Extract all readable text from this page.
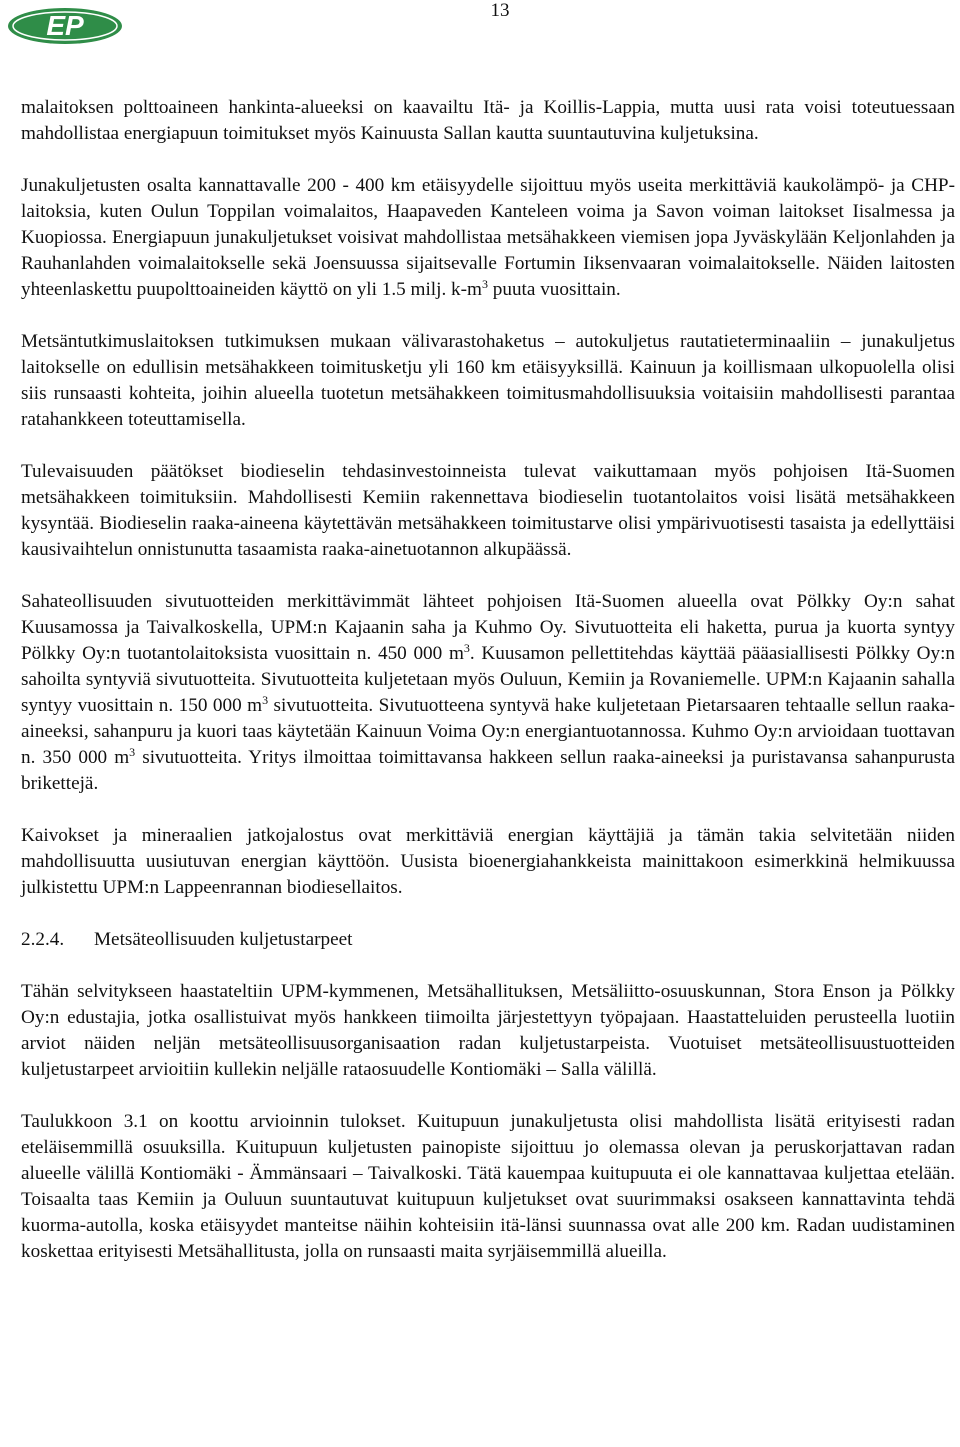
EP	13

malaitoksen polttoaineen hankinta-alueeksi on kaavailtu Itä- ja Koillis-Lappia, mutta uusi rata voisi toteutuessaan mahdollistaa energiapuun toimitukset myös Kainuusta Sallan kautta suuntautuvina kuljetuksina.

Junakuljetusten osalta kannattavalle 200 - 400 km etäisyydelle sijoittuu myös useita merkittäviä kaukolämpö- ja CHP-laitoksia, kuten Oulun Toppilan voimalaitos, Haapaveden Kanteleen voima ja Savon voiman laitokset Iisalmessa ja Kuopiossa. Energiapuun junakuljetukset voisivat mahdollistaa metsähakkeen viemisen jopa Jyväskylään Keljonlahden ja Rauhanlahden voimalaitokselle sekä Joensuussa sijaitsevalle Fortumin Iiksenvaaran voimalaitokselle. Näiden laitosten yhteenlaskettu puupolttoaineiden käyttö on yli 1.5 milj. $k-m^3$ puuta vuosittain.

Metsäntutkimuslaitoksen tutkimuksen mukaan välivarastohaketus – autokuljetus rautatieterminaaliin – junakuljetus laitokselle on edullisin metsähakkeen toimitusketju yli 160 km etäisyyksillä. Kainuun ja koillismaan ulkopuolella olisi siis runsaasti kohteita, joihin alueella tuotetun metsähakkeen toimitusmahdollisuuksia voitaisiin mahdollisesti parantaa ratahankkeen toteuttamisella.

Tulevaisuuden päätökset biodieselin tehdasinvestoinneista tulevat vaikuttamaan myös pohjoisen Itä-Suomen metsähakkeen toimituksiin. Mahdollisesti Kemiin rakennettava biodieselin tuotantolaitos voisi lisätä metsähakkeen kysyntää. Biodieselin raaka-aineena käytettävän metsähakkeen toimitustarve olisi ympärivuotisesti tasaista ja edellyttäisi kausivaihtelun onnistunutta tasaamista raaka-ainetuotannon alkupäässä.

Sahateollisuuden sivutuotteiden merkittävimmät lähteet pohjoisen Itä-Suomen alueella ovat Pölkky Oy:n sahat Kuusamossa ja Taivalkoskella, UPM:n Kajaanin saha ja Kuhmo Oy. Sivutuotteita eli haketta, purua ja kuorta syntyy Pölkky Oy:n tuotantolaitoksista vuosittain n. 450 000 $m^3$. Kuusamon pellettitehdas käyttää pääasiallisesti Pölkky Oy:n sahoilta syntyviä sivutuotteita. Sivutuotteita kuljetetaan myös Ouluun, Kemiin ja Rovaniemelle. UPM:n Kajaanin sahalla syntyy vuosittain n. 150 000 $m^3$ sivutuotteita. Sivutuotteena syntyvä hake kuljetetaan Pietarsaaren tehtaalle sellun raaka-aineeksi, sahanpuru ja kuori taas käytetään Kainuun Voima Oy:n energiantuotannossa. Kuhmo Oy:n arvioidaan tuottavan n. 350 000 $m^3$ sivutuotteita. Yritys ilmoittaa toimittavansa hakkeen sellun raaka-aineeksi ja puristavansa sahanpurusta brikettejä.

Kaivokset ja mineraalien jatkojalostus ovat merkittäviä energian käyttäjiä ja tämän takia selvitetään niiden mahdollisuutta uusiutuvan energian käyttöön. Uusista bioenergiahankkeista mainittakoon esimerkkinä helmikuussa julkistettu UPM:n Lappeenrannan biodiesellaitos.

2.2.4. Metsäteollisuuden kuljetustarpeet

Tähän selvitykseen haastateltiin UPM-kymmenen, Metsähallituksen, Metsäliitto-osuuskunnan, Stora Enson ja Pölkky Oy:n edustajia, jotka osallistuivat myös hankkeen tiimoilta järjestettyyn työpajaan. Haastatteluiden perusteella luotiin arviot näiden neljän metsäteollisuusorganisaation radan kuljetustarpeista. Vuotuiset metsäteollisuustuotteiden kuljetustarpeet arvioitiin kullekin neljälle rataosuudelle Kontiomäki – Salla välillä.

Taulukkoon 3.1 on koottu arvioinnin tulokset. Kuitupuun junakuljetusta olisi mahdollista lisätä erityisesti radan eteläisemmillä osuuksilla. Kuitupuun kuljetusten painopiste sijoittuu jo olemassa olevan ja peruskorjattavan radan alueelle välillä Kontiomäki - Ämmänsaari – Taivalkoski. Tätä kauempaa kuitupuuta ei ole kannattavaa kuljettaa etelään. Toisaalta taas Kemiin ja Ouluun suuntautuvat kuitupuun kuljetukset ovat suurimmaksi osakseen kannattavinta tehdä kuorma-autolla, koska etäisyydet manteitse näihin kohteisiin itä-länsi suunnassa ovat alle 200 km. Radan uudistaminen koskettaa erityisesti Metsähallitusta, jolla on runsaasti maita syrjäisemmillä alueilla.
